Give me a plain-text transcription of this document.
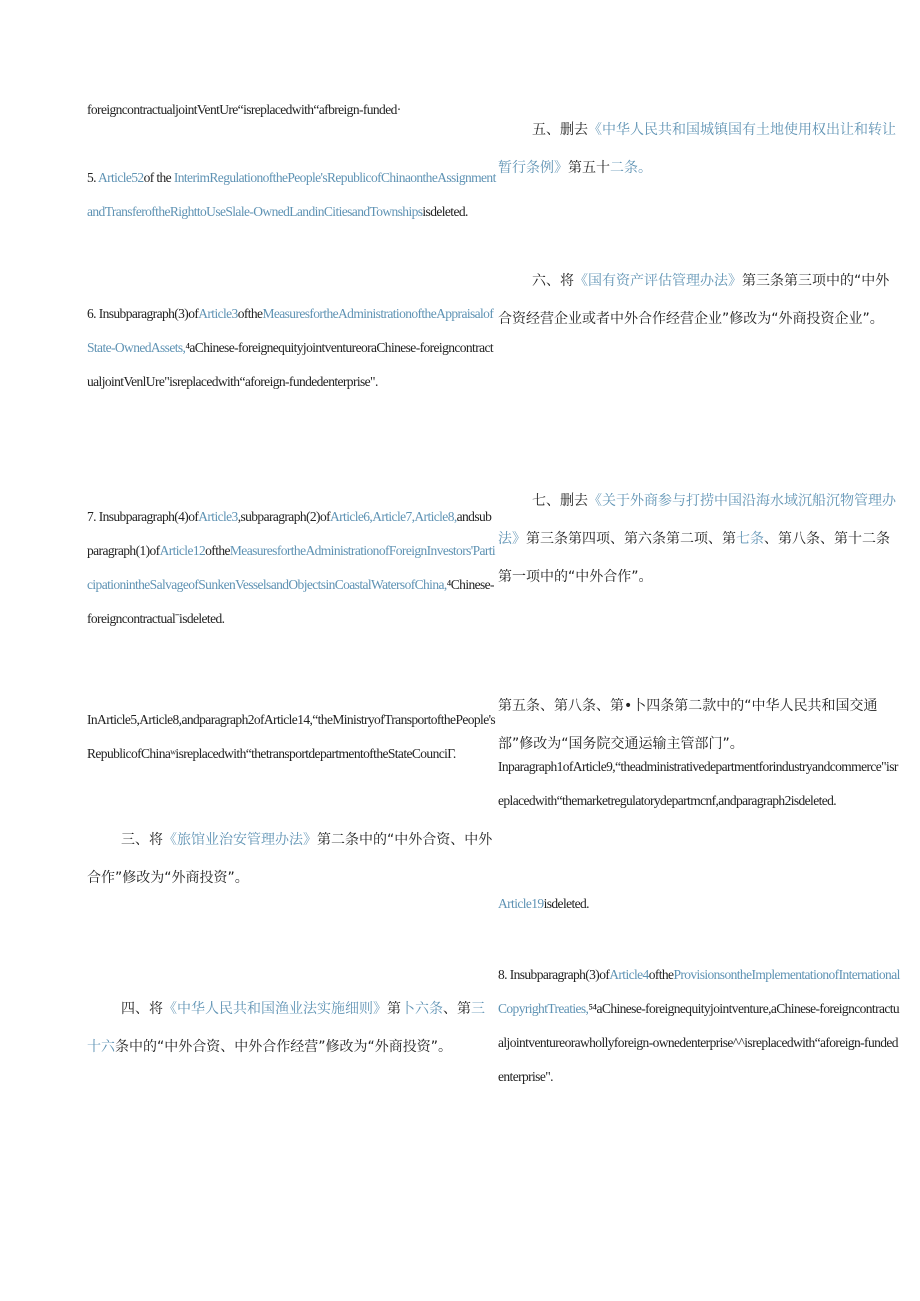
foreigncontractualjointVentUre“isreplacedwith“afbreign-funded·

5. Article52of the InterimRegulationofthePeople'sRepublicofChinaontheAssignmentandTransferoftheRighttoUseSlale-OwnedLandinCitiesandTownshipsisdeleted.

6. Insubparagraph(3)ofArticle3oftheMeasuresfortheAdministrationoftheAppraisalofState-OwnedAssets,⁴aChinese-foreignequityjointventureoraChinese-foreigncontractualjointVenlUre"isreplacedwith“aforeign-fundedenterprise".

7. Insubparagraph(4)ofArticle3,subparagraph(2)ofArticle6,Article7,Article8,andsubparagraph(1)ofArticle12oftheMeasuresfortheAdministrationofForeignInvestors'ParticipationintheSalvageofSunkenVesselsandObjectsinCoastalWatersofChina,⁴Chinese-foreigncontractualˉisdeleted.

InArticle5,Article8,andparagraph2ofArticle14,“theMinistryofTransportofthePeople'sRepublicofChinaʷisreplacedwith“thetransportdepartmentoftheStateCounciΓ.

三、将《旅馆业治安管理办法》第二条中的“中外合资、中外合作”修改为“外商投资”。

四、将《中华人民共和国渔业法实施细则》第卜六条、第三十六条中的“中外合资、中外合作经营”修改为“外商投资”。

五、删去《中华人民共和国城镇国有土地使用权出让和转让暂行条例》第五十二条。

六、将《国有资产评估管理办法》第三条第三项中的“中外合资经营企业或者中外合作经营企业”修改为“外商投资企业”。

七、删去《关于外商参与打捞中国沿海水域沉船沉物管理办法》第三条第四项、第六条第二项、第七条、第八条、第十二条第一项中的“中外合作”。

第五条、第八条、第•卜四条第二款中的“中华人民共和国交通部”修改为“国务院交通运输主管部门”。

Inparagraph1ofArticle9,“theadministrativedepartmentforindustryandcommerce"isreplacedwith“themarketregulatorydepartmcnf,andparagraph2isdeleted.

Article19isdeleted.

8. Insubparagraph(3)ofArticle4oftheProvisionsontheImplementationofInternationalCopyrightTreaties,⁵⁴aChinese-foreignequityjointventure,aChinese-foreigncontractualjointventureorawhollyforeign-ownedenterprise^^isreplacedwith“aforeign-fundedenterprise".
